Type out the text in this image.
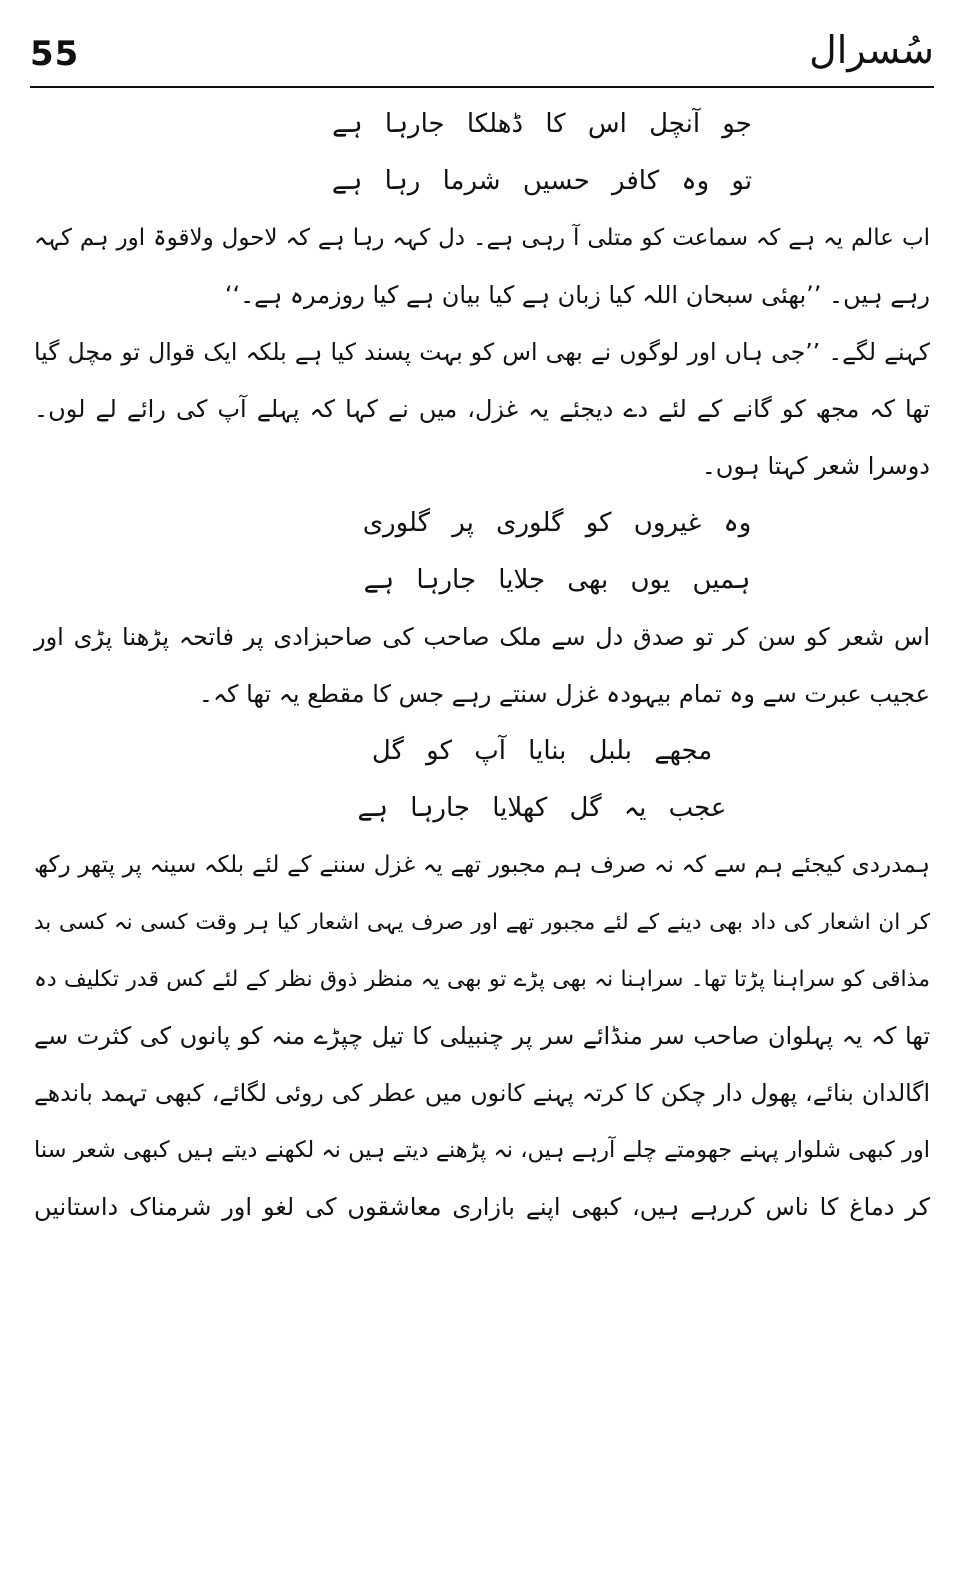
55	سُسرال
جو آنچل اس کا ڈھلکا جارہا ہے
تو وہ کافر حسیں شرما رہا ہے
اب عالم یہ ہے کہ سماعت کو متلی آ رہی ہے۔ دل کہہ رہا ہے کہ لاحول ولاقوۃ اور ہم کہہ
رہے ہیں۔ ’’بھئی سبحان اللہ کیا زبان ہے کیا بیان ہے کیا روزمرہ ہے۔‘‘
کہنے لگے۔ ’’جی ہاں اور لوگوں نے بھی اس کو بہت پسند کیا ہے بلکہ ایک قوال تو مچل گیا
تھا کہ مجھ کو گانے کے لئے دے دیجئے یہ غزل، میں نے کہا کہ پہلے آپ کی رائے لے لوں۔
دوسرا شعر کہتا ہوں۔
وہ غیروں کو گلوری پر گلوری
ہمیں یوں بھی جلایا جارہا ہے
اس شعر کو سن کر تو صدق دل سے ملک صاحب کی صاحبزادی پر فاتحہ پڑھنا پڑی اور
عجیب عبرت سے وہ تمام بیہودہ غزل سنتے رہے جس کا مقطع یہ تھا کہ۔
مجھے بلبل بنایا آپ کو گل
عجب یہ گل کھلایا جارہا ہے
ہمدردی کیجئے ہم سے کہ نہ صرف ہم مجبور تھے یہ غزل سننے کے لئے بلکہ سینہ پر پتھر رکھ
کر ان اشعار کی داد بھی دینے کے لئے مجبور تھے اور صرف یہی اشعار کیا ہر وقت کسی نہ کسی بد
مذاقی کو سراہنا پڑتا تھا۔ سراہنا نہ بھی پڑے تو بھی یہ منظر ذوق نظر کے لئے کس قدر تکلیف دہ
تھا کہ یہ پہلوان صاحب سر منڈائے سر پر چنبیلی کا تیل چپڑے منہ کو پانوں کی کثرت سے
اگالدان بنائے، پھول دار چکن کا کرتہ پہنے کانوں میں عطر کی روئی لگائے، کبھی تہمد باندھے
اور کبھی شلوار پہنے جھومتے چلے آرہے ہیں، نہ پڑھنے دیتے ہیں نہ لکھنے دیتے ہیں کبھی شعر سنا
کر دماغ کا ناس کررہے ہیں، کبھی اپنے بازاری معاشقوں کی لغو اور شرمناک داستانیں
